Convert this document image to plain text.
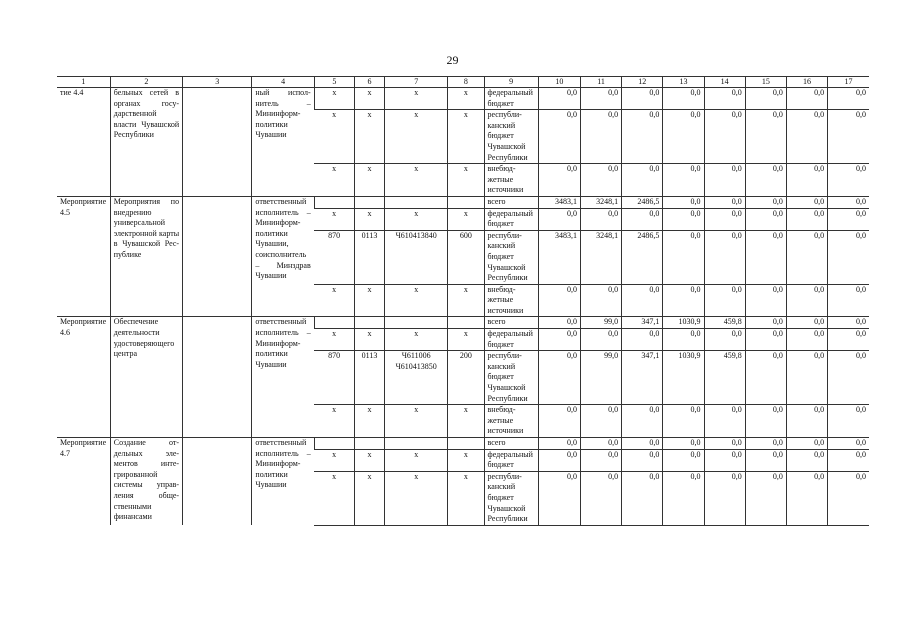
29
1	2	3	4	5	6	7	8	9	10	11	12	13	14	15	16	17
тие 4.4	бельных сетей в органах государственной власти Чувашской Республики		ный исполнитель – Мининформполитики Чувашии	x	x	x	x	федеральный бюджет	0,0	0,0	0,0	0,0	0,0	0,0	0,0	0,0
				x	x	x	x	республиканский бюджет Чувашской Республики	0,0	0,0	0,0	0,0	0,0	0,0	0,0	0,0
				x	x	x	x	внебюджетные источники	0,0	0,0	0,0	0,0	0,0	0,0	0,0	0,0
Мероприятие 4.5	Мероприятия по внедрению универсальной электронной карты в Чувашской Республике		ответственный исполнитель – Мининформполитики Чувашии, соисполнитель – Минздрав Чувашии					всего	3483,1	3248,1	2486,5	0,0	0,0	0,0	0,0	0,0
				x	x	x	x	федеральный бюджет	0,0	0,0	0,0	0,0	0,0	0,0	0,0	0,0
				870	0113	Ч610413840	600	республиканский бюджет Чувашской Республики	3483,1	3248,1	2486,5	0,0	0,0	0,0	0,0	0,0
				x	x	x	x	внебюджетные источники	0,0	0,0	0,0	0,0	0,0	0,0	0,0	0,0
Мероприятие 4.6	Обеспечение деятельности удостоверяющего центра		ответственный исполнитель – Мининформполитики Чувашии					всего	0,0	99,0	347,1	1030,9	459,8	0,0	0,0	0,0
				x	x	x	x	федеральный бюджет	0,0	0,0	0,0	0,0	0,0	0,0	0,0	0,0
				870	0113	Ч611006 Ч610413850	200	республиканский бюджет Чувашской Республики	0,0	99,0	347,1	1030,9	459,8	0,0	0,0	0,0
				x	x	x	x	внебюджетные источники	0,0	0,0	0,0	0,0	0,0	0,0	0,0	0,0
Мероприятие 4.7	Создание отдельных элементов интегрированной системы управления общественными финансами		ответственный исполнитель – Мининформполитики Чувашии					всего	0,0	0,0	0,0	0,0	0,0	0,0	0,0	0,0
				x	x	x	x	федеральный бюджет	0,0	0,0	0,0	0,0	0,0	0,0	0,0	0,0
				x	x	x	x	республиканский бюджет Чувашской Республики	0,0	0,0	0,0	0,0	0,0	0,0	0,0	0,0
